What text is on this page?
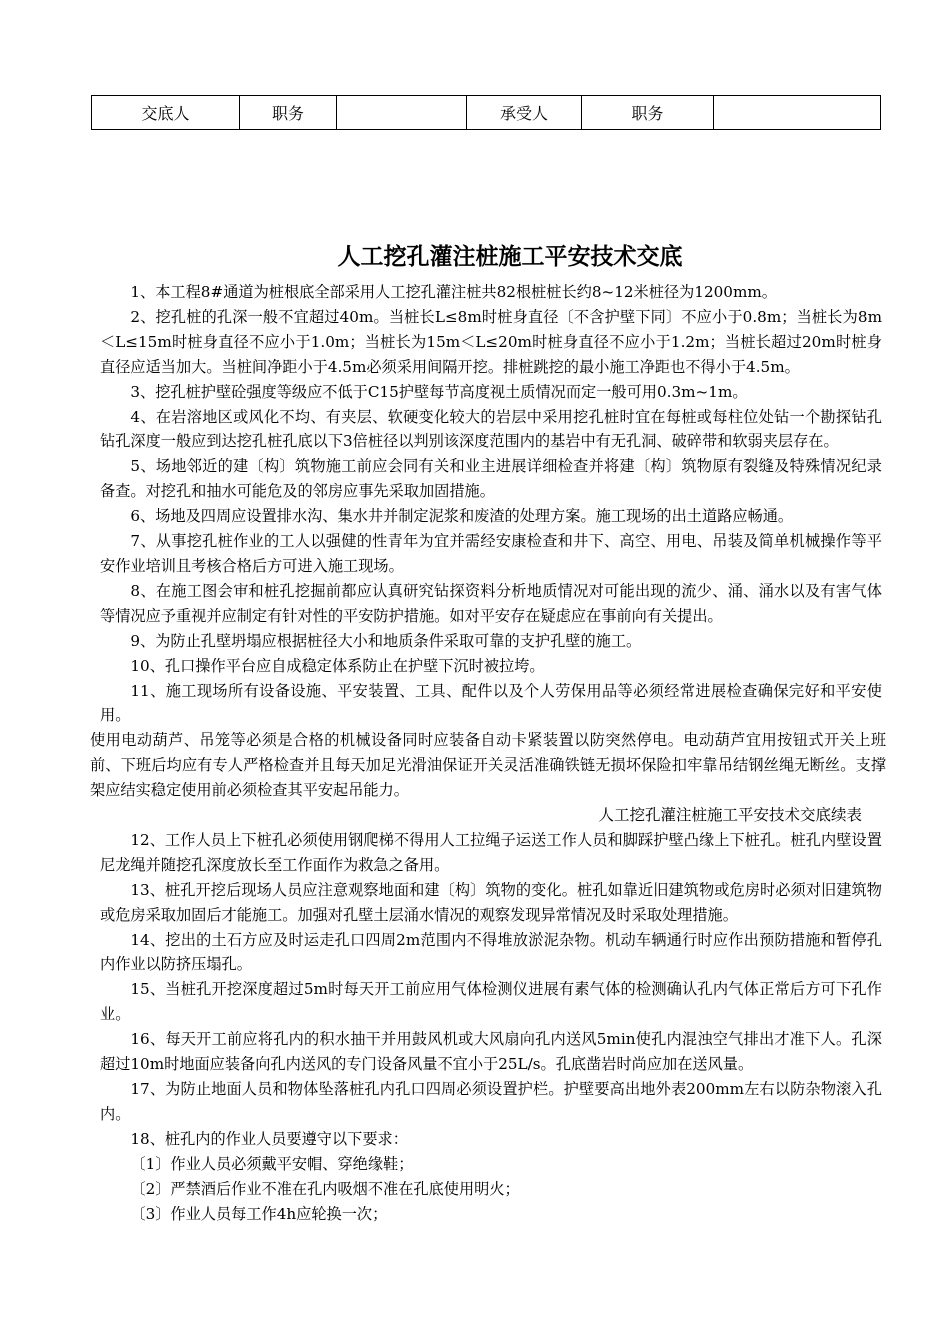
交底人	职务		承受人	职务	
人工挖孔灌注桩施工平安技术交底

1、本工程8#通道为桩根底全部采用人工挖孔灌注桩共82根桩桩长约8~12米桩径为1200mm。

2、挖孔桩的孔深一般不宜超过40m。当桩长L≤8m时桩身直径〔不含护壁下同〕不应小于0.8m；当桩长为8m＜L≤15m时桩身直径不应小于1.0m；当桩长为15m＜L≤20m时桩身直径不应小于1.2m；当桩长超过20m时桩身直径应适当加大。当桩间净距小于4.5m必须采用间隔开挖。排桩跳挖的最小施工净距也不得小于4.5m。

3、挖孔桩护壁砼强度等级应不低于C15护壁每节高度视土质情况而定一般可用0.3m~1m。

4、在岩溶地区或风化不均、有夹层、软硬变化较大的岩层中采用挖孔桩时宜在每桩或每柱位处钻一个勘探钻孔钻孔深度一般应到达挖孔桩孔底以下3倍桩径以判别该深度范围内的基岩中有无孔洞、破碎带和软弱夹层存在。

5、场地邻近的建〔构〕筑物施工前应会同有关和业主进展详细检查并将建〔构〕筑物原有裂缝及特殊情况纪录备查。对挖孔和抽水可能危及的邻房应事先采取加固措施。

6、场地及四周应设置排水沟、集水井并制定泥浆和废渣的处理方案。施工现场的出土道路应畅通。

7、从事挖孔桩作业的工人以强健的性青年为宜并需经安康检查和井下、高空、用电、吊装及简单机械操作等平安作业培训且考核合格后方可进入施工现场。

8、在施工图会审和桩孔挖掘前都应认真研究钻探资料分析地质情况对可能出现的流少、涌、涌水以及有害气体等情况应予重视并应制定有针对性的平安防护措施。如对平安存在疑虑应在事前向有关提出。

9、为防止孔壁坍塌应根据桩径大小和地质条件采取可靠的支护孔壁的施工。

10、孔口操作平台应自成稳定体系防止在护壁下沉时被拉垮。

11、施工现场所有设备设施、平安装置、工具、配件以及个人劳保用品等必须经常进展检查确保完好和平安使用。

使用电动葫芦、吊笼等必须是合格的机械设备同时应装备自动卡紧装置以防突然停电。电动葫芦宜用按钮式开关上班前、下班后均应有专人严格检查并且每天加足光滑油保证开关灵活准确铁链无损坏保险扣牢靠吊结钢丝绳无断丝。支撑架应结实稳定使用前必须检查其平安起吊能力。

人工挖孔灌注桩施工平安技术交底续表

12、工作人员上下桩孔必须使用钢爬梯不得用人工拉绳子运送工作人员和脚踩护壁凸缘上下桩孔。桩孔内壁设置尼龙绳并随挖孔深度放长至工作面作为救急之备用。

13、桩孔开挖后现场人员应注意观察地面和建〔构〕筑物的变化。桩孔如靠近旧建筑物或危房时必须对旧建筑物或危房采取加固后才能施工。加强对孔壁土层涌水情况的观察发现异常情况及时采取处理措施。

14、挖出的土石方应及时运走孔口四周2m范围内不得堆放淤泥杂物。机动车辆通行时应作出预防措施和暂停孔内作业以防挤压塌孔。

15、当桩孔开挖深度超过5m时每天开工前应用气体检测仪进展有素气体的检测确认孔内气体正常后方可下孔作业。

16、每天开工前应将孔内的积水抽干并用鼓风机或大风扇向孔内送风5min使孔内混浊空气排出才准下人。孔深超过10m时地面应装备向孔内送风的专门设备风量不宜小于25L/s。孔底凿岩时尚应加在送风量。

17、为防止地面人员和物体坠落桩孔内孔口四周必须设置护栏。护壁要高出地外表200mm左右以防杂物滚入孔内。

18、桩孔内的作业人员要遵守以下要求：

〔1〕作业人员必须戴平安帽、穿绝缘鞋；

〔2〕严禁酒后作业不准在孔内吸烟不准在孔底使用明火；

〔3〕作业人员每工作4h应轮换一次；
